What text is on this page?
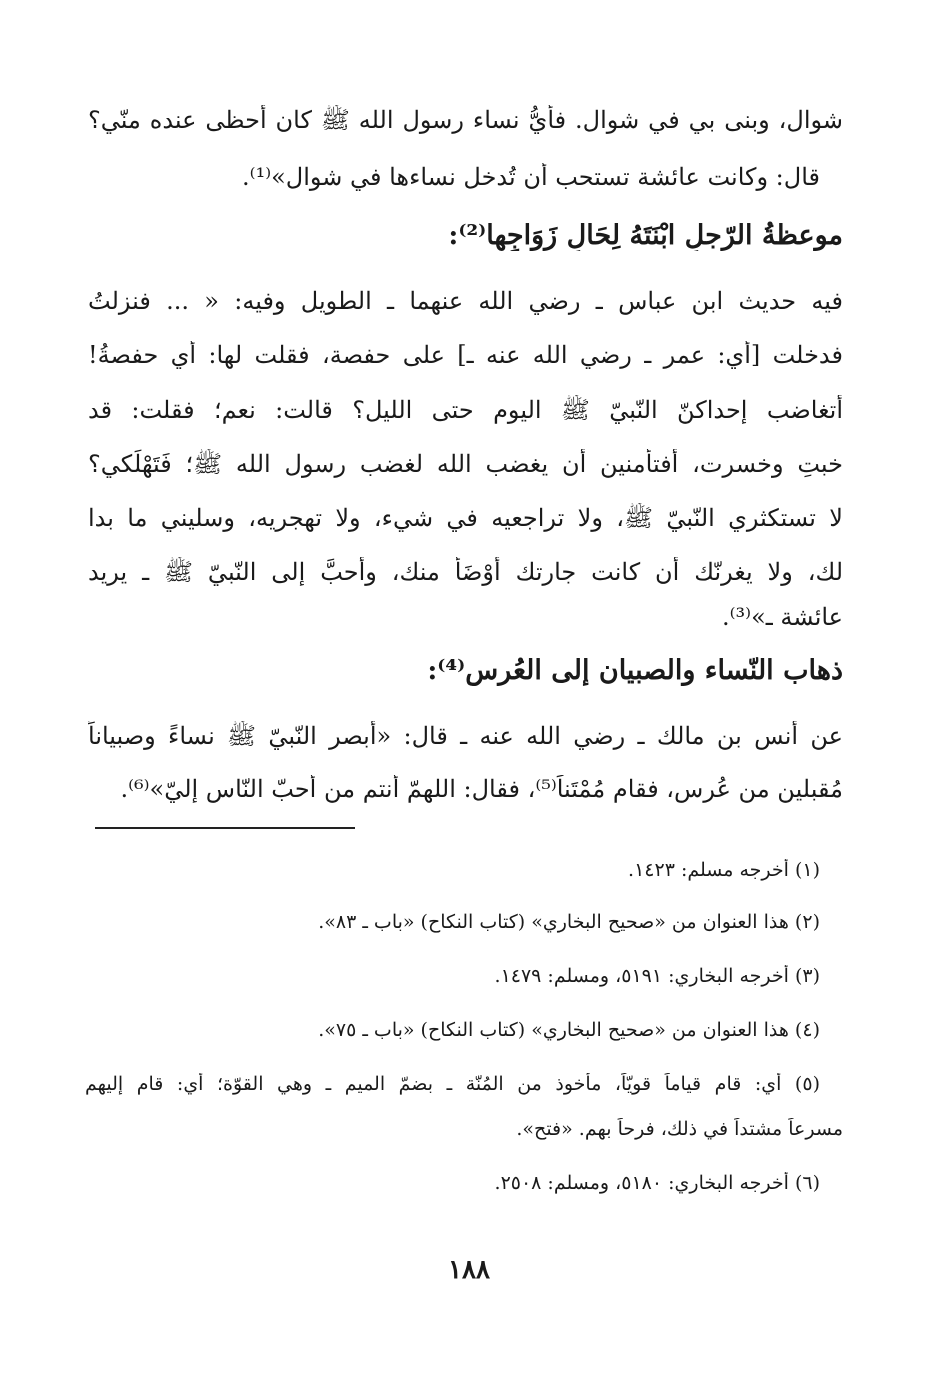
شوال، وبنى بي في شوال. فأيُّ نساء رسول الله ﷺ كان أحظى عنده منّي؟
قال: وكانت عائشة تستحب أن تُدخل نساءها في شوال»⁽¹⁾.
موعظةُ الرّجلِ ابْنَتَهُ لِحَالِ زَوَاجِها⁽²⁾:
فيه حديث ابن عباس ـ رضي الله عنهما ـ الطويل وفيه: « ... فنزلتُ
فدخلت [أي: عمر ـ رضي الله عنه ـ] على حفصة، فقلت لها: أي حفصةُ!
أتغاضب إحداكنّ النّبيّ ﷺ اليوم حتى الليل؟ قالت: نعم؛ فقلت: قد
خبتِ وخسرت، أفتأمنين أن يغضب الله لغضب رسول الله ﷺ؛ فَتَهْلَكي؟
لا تستكثري النّبيّ ﷺ، ولا تراجعيه في شيء، ولا تهجريه، وسليني ما بدا
لك، ولا يغرنّك أن كانت جارتك أَوْضَأَ منك، وأحبَّ إلى النّبيّ ﷺ ـ يريد
عائشة ـ»⁽³⁾.
ذهاب النّساء والصبيان إلى العُرس⁽⁴⁾:
عن أنس بن مالك ـ رضي الله عنه ـ قال: «أبصر النّبيّ ﷺ نساءً وصبياناً
مُقبلين من عُرس، فقام مُمْتَناً⁽⁵⁾، فقال: اللهمّ أنتم من أحبّ النّاس إليّ»⁽⁶⁾.
(١) أخرجه مسلم: ١٤٢٣.
(٢) هذا العنوان من «صحيح البخاري» (كتاب النكاح) «باب ـ ٨٣».
(٣) أخرجه البخاري: ٥١٩١، ومسلم: ١٤٧٩.
(٤) هذا العنوان من «صحيح البخاري» (كتاب النكاح) «باب ـ ٧٥».
(٥) أي: قام قياماً قويّاً، مأخوذ من المُنّة ـ بضمّ الميم ـ وهي القوّة؛ أي: قام إليهم
مسرعاً مشتداً في ذلك، فرحاً بهم. «فتح».
(٦) أخرجه البخاري: ٥١٨٠، ومسلم: ٢٥٠٨.
١٨٨
